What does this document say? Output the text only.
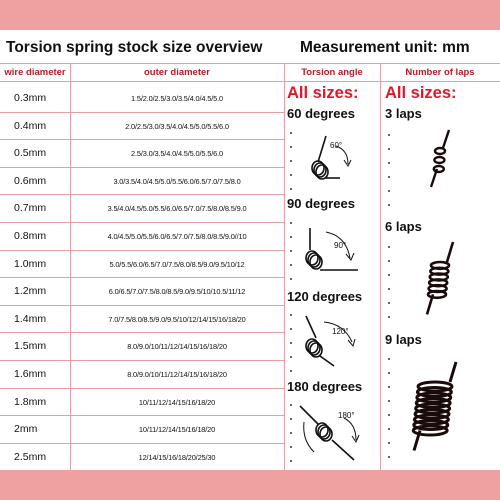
Torsion spring stock size overview Measurement unit: mm
wire diameter	outer diameter	Torsion angle	Number of laps
0.3mm	1.5/2.0/2.5/3.0/3.5/4.0/4.5/5.0
0.4mm	2.0/2.5/3.0/3.5/4.0/4.5/5.0/5.5/6.0
0.5mm	2.5/3.0/3.5/4.0/4.5/5.0/5.5/6.0
0.6mm	3.0/3.5/4.0/4.5/5.0/5.5/6.0/6.5/7.0/7.5/8.0
0.7mm	3.5/4.0/4.5/5.0/5.5/6.0/6.5/7.0/7.5/8.0/8.5/9.0
0.8mm	4.0/4.5/5.0/5.5/6.0/6.5/7.0/7.5/8.0/8.5/9.0//10
1.0mm	5.0/5.5/6.0/6.5/7.0/7.5/8.0/8.5/9.0/9.5/10/12
1.2mm	6.0/6.5/7.0/7.5/8.0/8.5/9.0/9.5/10/10.5/11/12
1.4mm	7.0/7.5/8.0/8.5/9.0/9.5/10/12/14/15/16/18/20
1.5mm	8.0/9.0/10/11/12/14/15/16/18/20
1.6mm	8.0/9.0/10/11/12/14/15/16/18/20
1.8mm	10/11/12/14/15/16/18/20
2mm	10/11/12/14/15/16/18/20
2.5mm	12/14/15/16/18/20/25/30
All sizes:
60 degrees
90 degrees
120 degrees
180 degrees
60°
90°
120°
180°
All sizes:
3 laps
6 laps
9 laps
